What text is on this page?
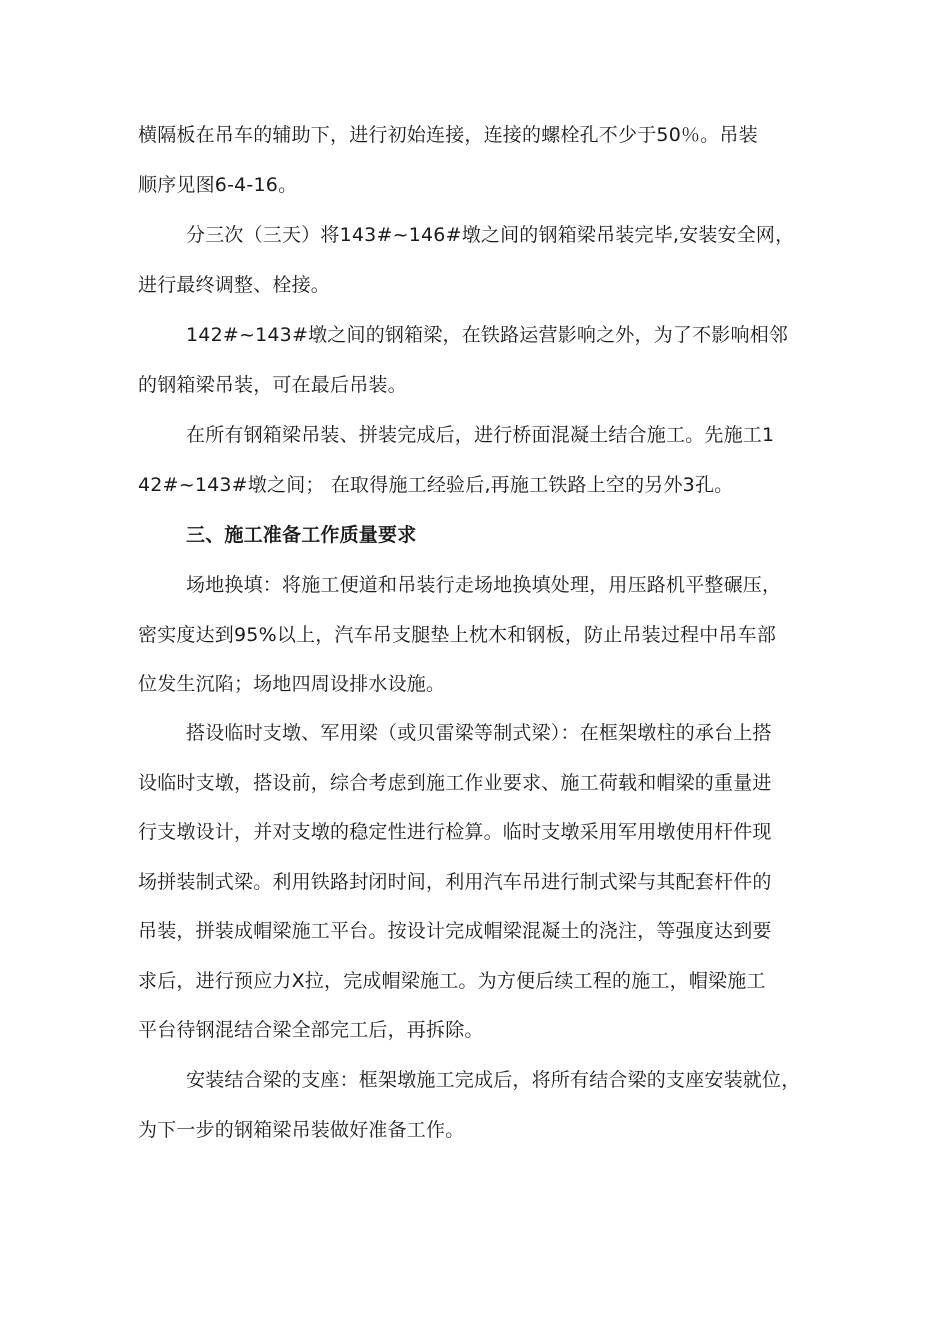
横隔板在吊车的辅助下，进行初始连接，连接的螺栓孔不少于50％。吊装
顺序见图6-4-16。
分三次（三天）将143#~146#墩之间的钢箱梁吊装完毕,安装安全网，
进行最终调整、栓接。
142#~143#墩之间的钢箱梁，在铁路运营影响之外，为了不影响相邻
的钢箱梁吊装，可在最后吊装。
在所有钢箱梁吊装、拼装完成后，进行桥面混凝土结合施工。先施工1
42#~143#墩之间； 在取得施工经验后,再施工铁路上空的另外3孔。
三、施工准备工作质量要求
场地换填：将施工便道和吊装行走场地换填处理，用压路机平整碾压，
密实度达到95%以上，汽车吊支腿垫上枕木和钢板，防止吊装过程中吊车部
位发生沉陷；场地四周设排水设施。
搭设临时支墩、军用梁（或贝雷梁等制式梁）：在框架墩柱的承台上搭
设临时支墩，搭设前，综合考虑到施工作业要求、施工荷载和帽梁的重量进
行支墩设计，并对支墩的稳定性进行检算。临时支墩采用军用墩使用杆件现
场拼装制式梁。利用铁路封闭时间，利用汽车吊进行制式梁与其配套杆件的
吊装，拼装成帽梁施工平台。按设计完成帽梁混凝土的浇注，等强度达到要
求后，进行预应力X拉，完成帽梁施工。为方便后续工程的施工，帽梁施工
平台待钢混结合梁全部完工后，再拆除。
安装结合梁的支座：框架墩施工完成后，将所有结合梁的支座安装就位，
为下一步的钢箱梁吊装做好准备工作。
